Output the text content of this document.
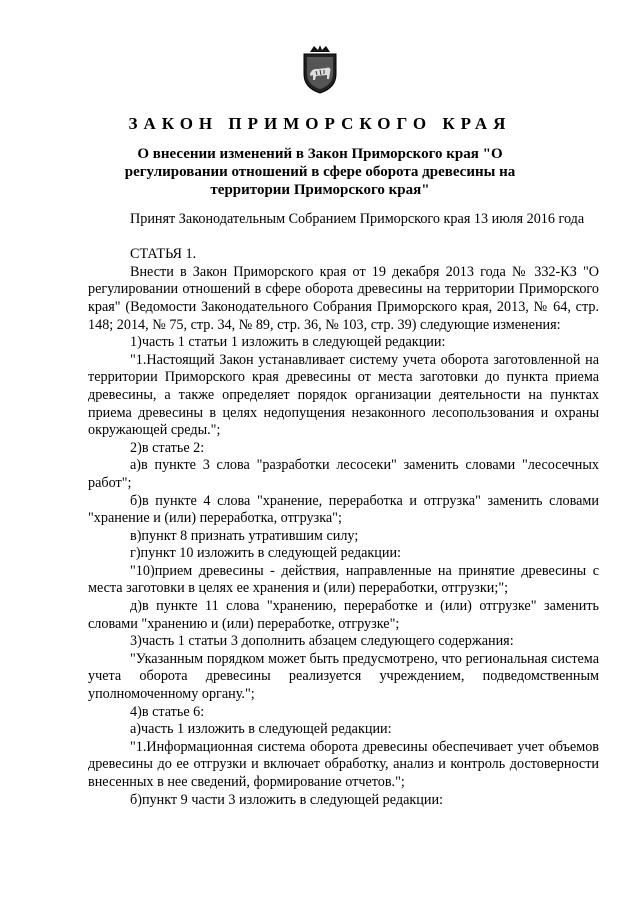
ЗАКОН ПРИМОРСКОГО КРАЯ
О внесении изменений в Закон Приморского края "О регулировании отношений в сфере оборота древесины на территории Приморского края"

Принят Законодательным Собранием Приморского края 13 июля 2016 года

СТАТЬЯ 1.

Внести в Закон Приморского края от 19 декабря 2013 года № 332-КЗ "О регулировании отношений в сфере оборота древесины на территории Приморского края" (Ведомости Законодательного Собрания Приморского края, 2013, № 64, стр. 148; 2014, № 75, стр. 34, № 89, стр. 36, № 103, стр. 39) следующие изменения:

1)часть 1 статьи 1 изложить в следующей редакции:

"1.Настоящий Закон устанавливает систему учета оборота заготовленной на территории Приморского края древесины от места заготовки до пункта приема древесины, а также определяет порядок организации деятельности на пунктах приема древесины в целях недопущения незаконного лесопользования и охраны окружающей среды.";

2)в статье 2:

а)в пункте 3 слова "разработки лесосеки" заменить словами "лесосечных работ";

б)в пункте 4 слова "хранение, переработка и отгрузка" заменить словами "хранение и (или) переработка, отгрузка";

в)пункт 8 признать утратившим силу;

г)пункт 10 изложить в следующей редакции:

"10)прием древесины - действия, направленные на принятие древесины с места заготовки в целях ее хранения и (или) переработки, отгрузки;";

д)в пункте 11 слова "хранению, переработке и (или) отгрузке" заменить словами "хранению и (или) переработке, отгрузке";

3)часть 1 статьи 3 дополнить абзацем следующего содержания:

"Указанным порядком может быть предусмотрено, что региональная система учета оборота древесины реализуется учреждением, подведомственным уполномоченному органу.";

4)в статье 6:

а)часть 1 изложить в следующей редакции:

"1.Информационная система оборота древесины обеспечивает учет объемов древесины до ее отгрузки и включает обработку, анализ и контроль достоверности внесенных в нее сведений, формирование отчетов.";

б)пункт 9 части 3 изложить в следующей редакции:
